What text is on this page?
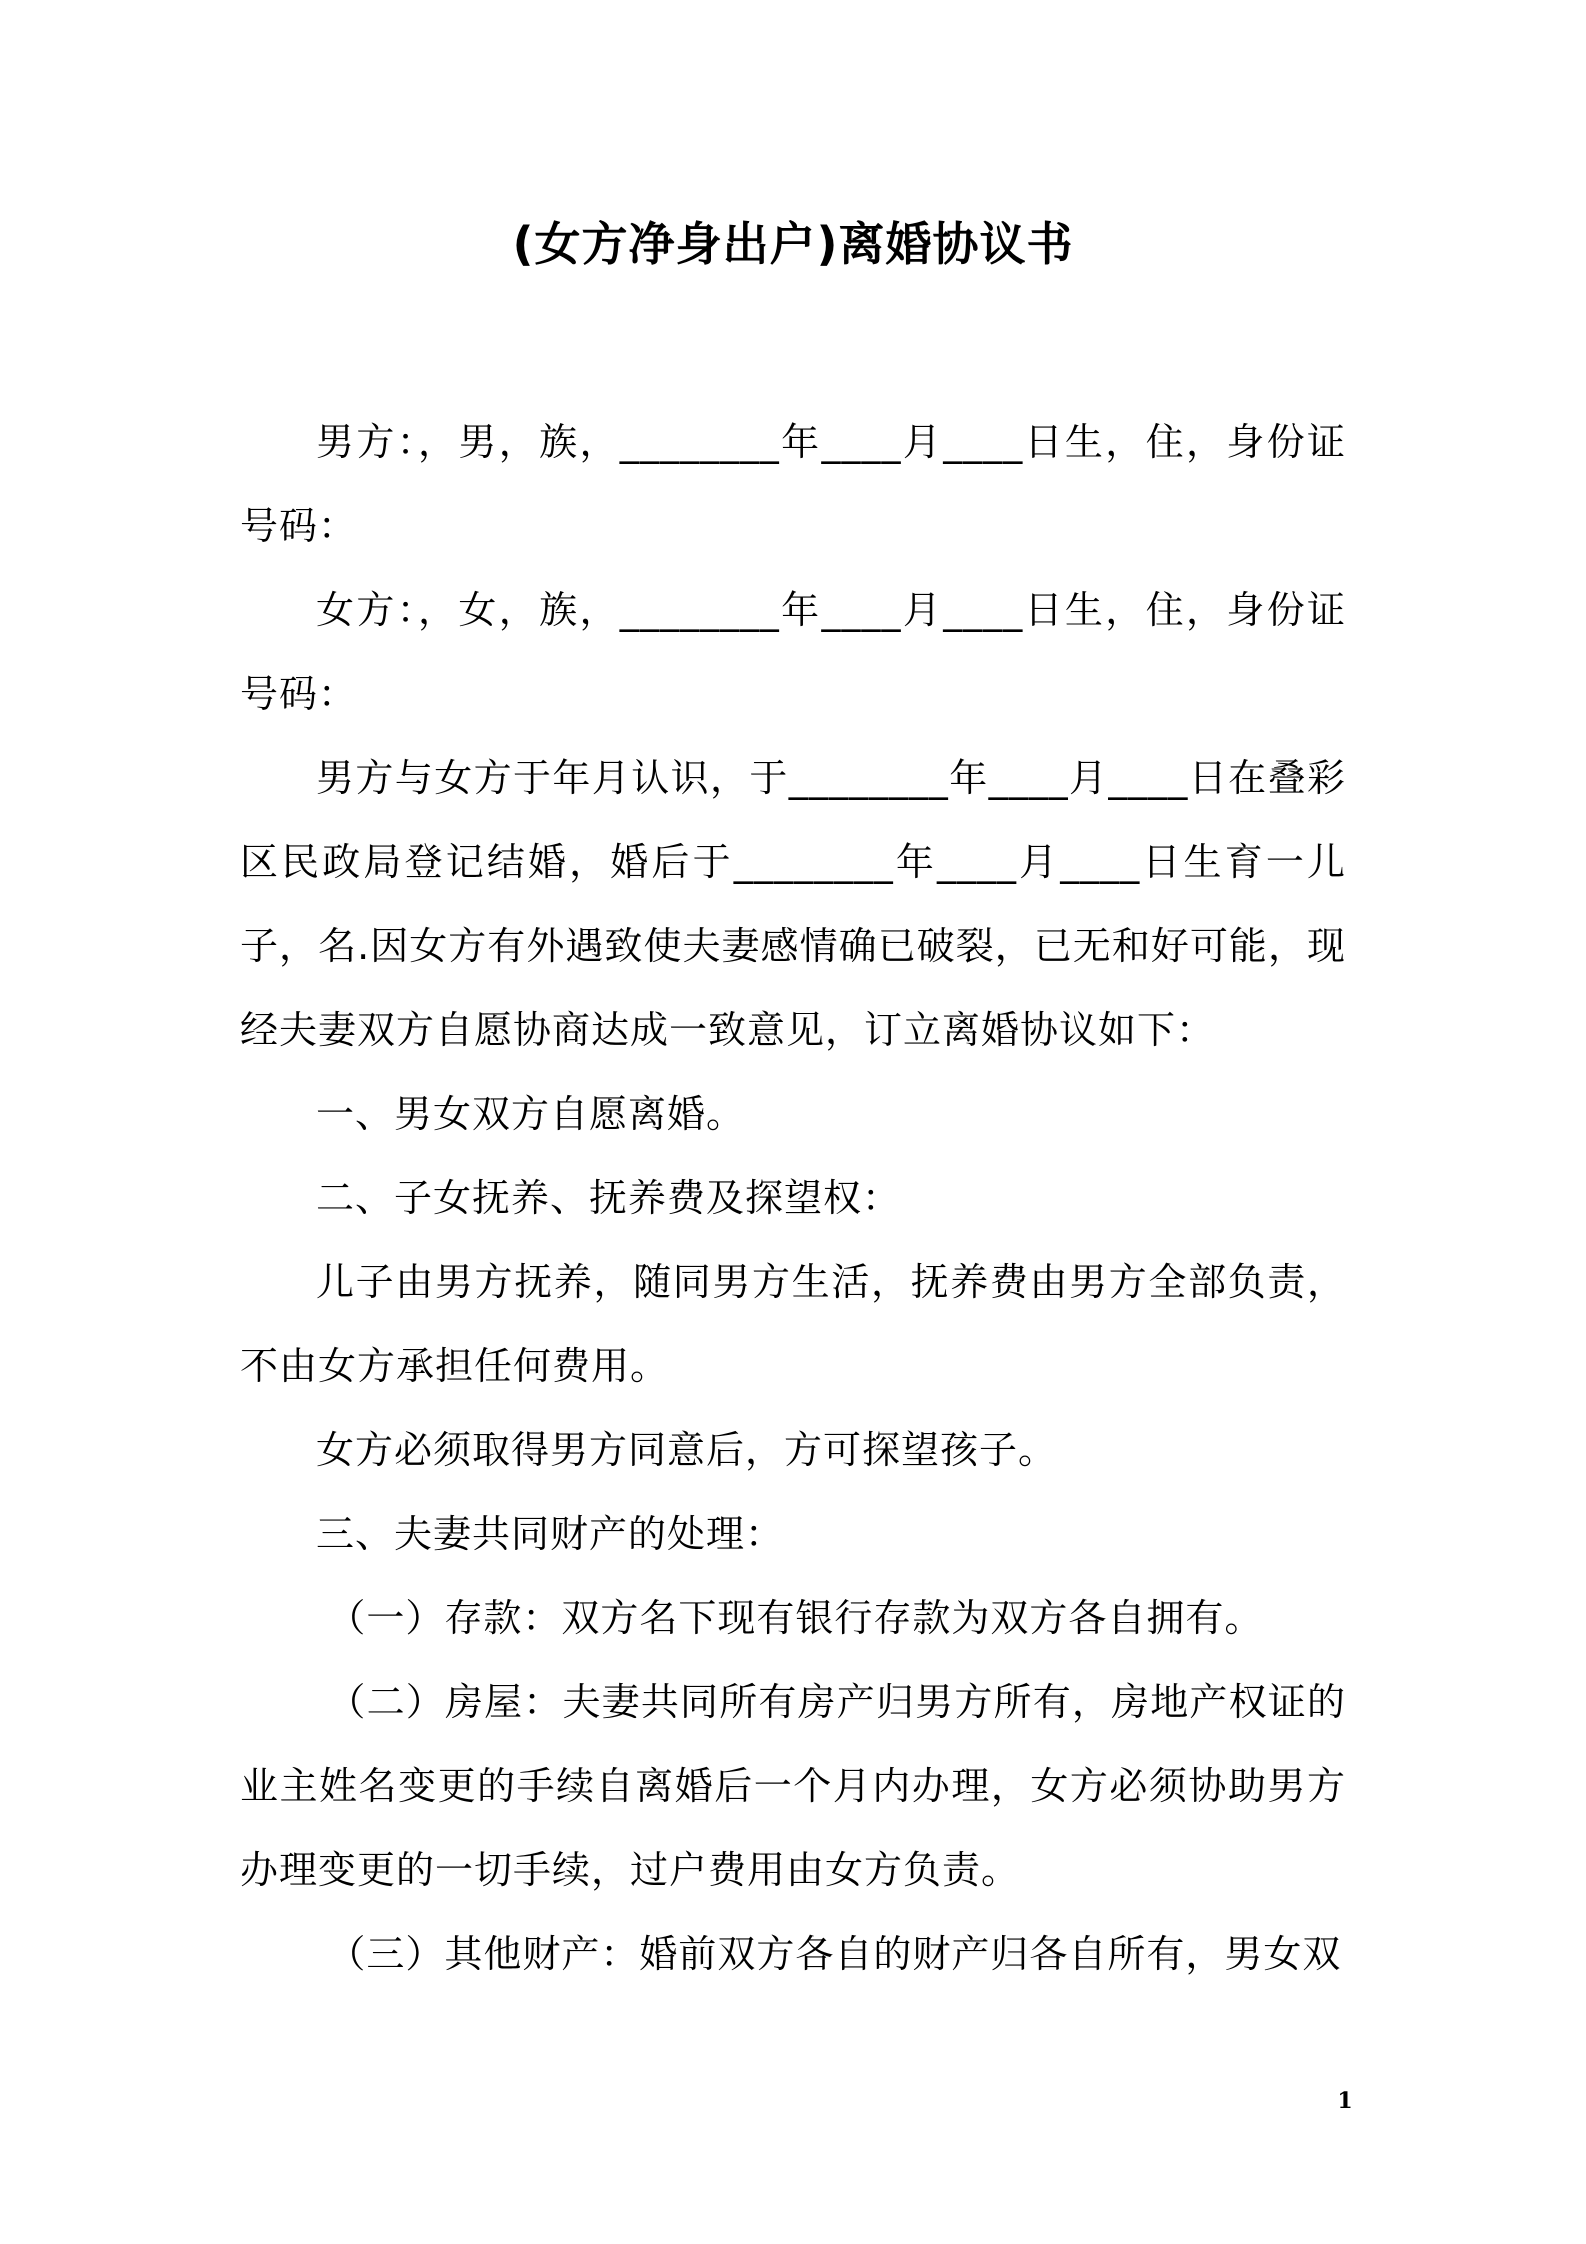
(女方净身出户)离婚协议书

男方：，男，族，________年____月____日生，住，身份证号码：

女方：，女，族，________年____月____日生，住，身份证号码：

男方与女方于年月认识，于________年____月____日在叠彩区民政局登记结婚，婚后于________年____月____日生育一儿子，名.因女方有外遇致使夫妻感情确已破裂，已无和好可能，现经夫妻双方自愿协商达成一致意见，订立离婚协议如下：

一、男女双方自愿离婚。

二、子女抚养、抚养费及探望权：

儿子由男方抚养，随同男方生活，抚养费由男方全部负责，不由女方承担任何费用。

女方必须取得男方同意后，方可探望孩子。

三、夫妻共同财产的处理：

（一）存款：双方名下现有银行存款为双方各自拥有。

（二）房屋：夫妻共同所有房产归男方所有，房地产权证的业主姓名变更的手续自离婚后一个月内办理，女方必须协助男方办理变更的一切手续，过户费用由女方负责。

（三）其他财产：婚前双方各自的财产归各自所有，男女双

1
